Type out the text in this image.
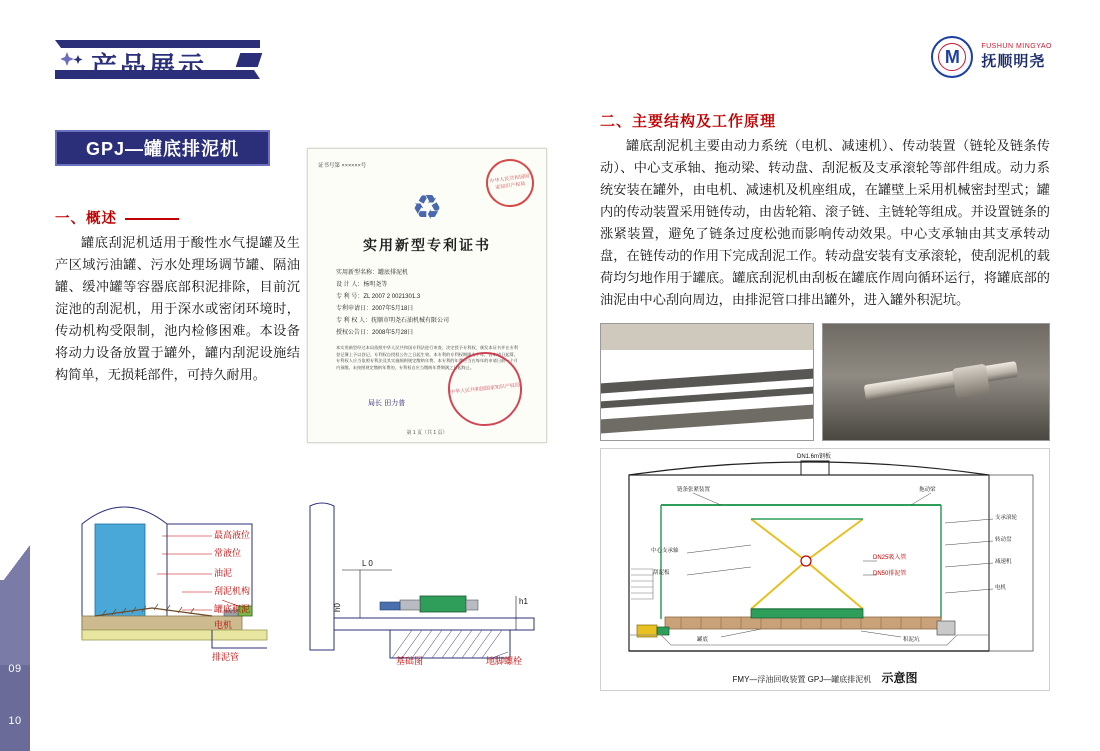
09
10
产品展示	M	FUSHUN MINGYAO
抚顺明尧
GPJ—罐底排泥机
一、概述
罐底刮泥机适用于酸性水气提罐及生产区域污油罐、污水处理场调节罐、隔油罐、缓冲罐等容器底部积泥排除，目前沉淀池的刮泥机，用于深水或密闭环境时，传动机构受限制，池内检修困难。本设备将动力设备放置于罐外，罐内刮泥设施结构简单，无损耗部件，可持久耐用。
二、主要结构及工作原理
罐底刮泥机主要由动力系统（电机、减速机）、传动装置（链轮及链条传动）、中心支承轴、拖动梁、转动盘、刮泥板及支承滚轮等部件组成。动力系统安装在罐外，由电机、减速机及机座组成，在罐壁上采用机械密封型式；罐内的传动装置采用链传动，由齿轮箱、滚子链、主链轮等组成。并设置链条的涨紧装置，避免了链条过度松弛而影响传动效果。中心支承轴由其支承转动盘，在链传动的作用下完成刮泥工作。转动盘安装有支承滚轮，使刮泥机的载荷均匀地作用于罐底。罐底刮泥机由刮板在罐底作周向循环运行，将罐底部的油泥由中心刮向周边，由排泥管口排出罐外，进入罐外积泥坑。
证书号第 ××××××号
中华人民共和国国家知识产权局
♻
实用新型专利证书
实用新型名称：罐底排泥机
设 计 人：杨明尧等
专 利 号：ZL 2007 2 0021301.3
专利申请日：2007年5月18日
专 利 权 人：抚顺市明尧石油机械有限公司
授权公告日：2008年5月28日
本实用新型经过本局依照中华人民共和国专利法进行审查，决定授予专利权，颁发本证书并在专利登记簿上予以登记。专利权自授权公告之日起生效。本专利的专利权期限为十年，自申请日起算。专利权人应当依照专利法及其实施细则规定缴纳年费。本专利的年费应当在每年的申请日前一个月内预缴。未按照规定缴纳年费的，专利权自应当缴纳年费期满之日起终止。
局长 田力普
中华人民共和国国家知识产权局
第 1 页（共 1 页）
最高液位
常液位
油泥
刮泥机构
罐底积泥
电机
排泥管
L 0
h1
h0
基础图	地脚螺栓
DN1.6m钢板
链条张紧装置	拖动梁
中心支承轴
刮泥板
支承滚轮
转动盘
减速机
电机
DN25吸入管
DN50排泥管
罐底	积泥坑
FMY—浮油回收装置 GPJ—罐底排泥机 示意图
